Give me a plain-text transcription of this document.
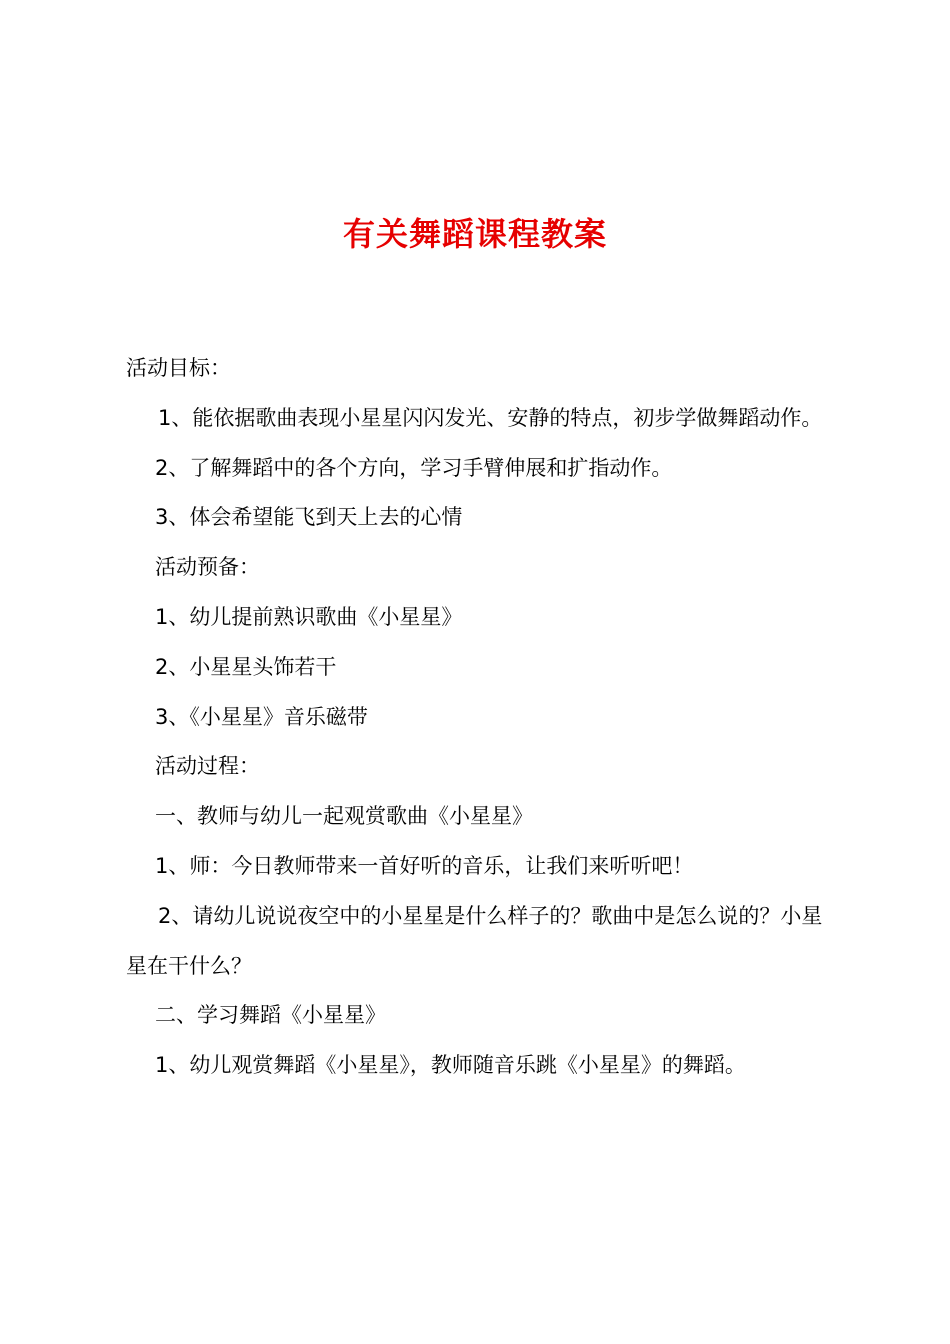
有关舞蹈课程教案

活动目标：

1、能依据歌曲表现小星星闪闪发光、安静的特点，初步学做舞蹈动作。

2、了解舞蹈中的各个方向，学习手臂伸展和扩指动作。

3、体会希望能飞到天上去的心情

活动预备：

1、幼儿提前熟识歌曲《小星星》

2、小星星头饰若干

3、《小星星》音乐磁带

活动过程：

一、教师与幼儿一起观赏歌曲《小星星》

1、师：今日教师带来一首好听的音乐，让我们来听听吧！

2、请幼儿说说夜空中的小星星是什么样子的？歌曲中是怎么说的？小星星在干什么？

二、学习舞蹈《小星星》

1、幼儿观赏舞蹈《小星星》，教师随音乐跳《小星星》的舞蹈。
